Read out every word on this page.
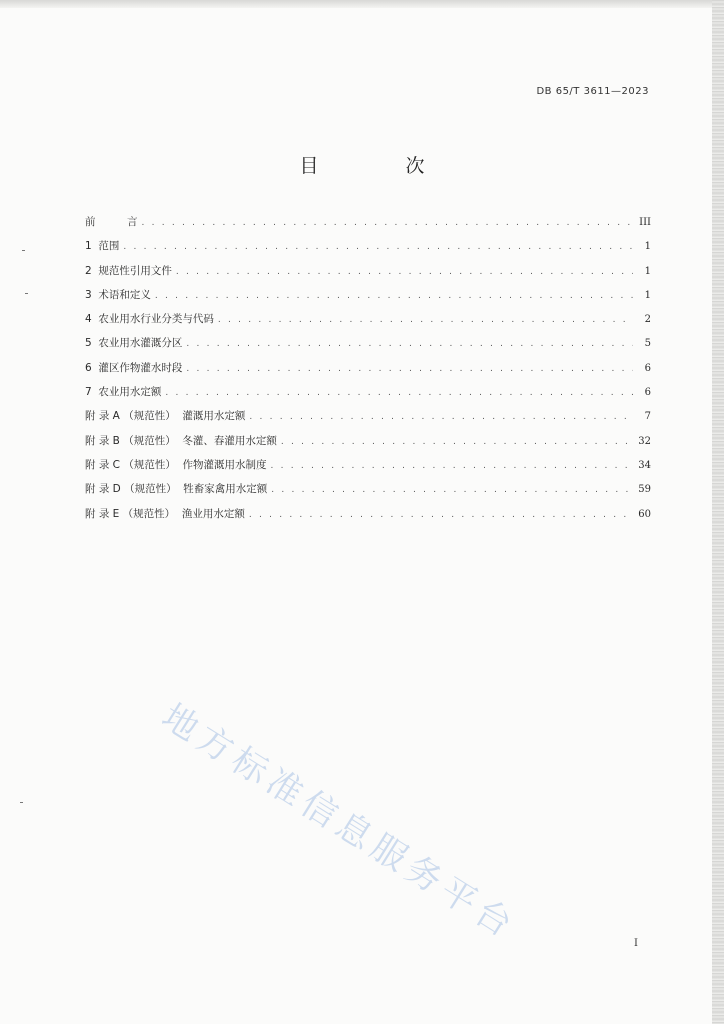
DB 65/T 3611—2023
目　次
前　　　言 . . .	III
1  范围 . . .	1
2  规范性引用文件 . . .	1
3  术语和定义 . . .	1
4  农业用水行业分类与代码 . . .	2
5  农业用水灌溉分区 . . .	5
6  灌区作物灌水时段 . . .	6
7  农业用水定额 . . .	6
附 录 A （规范性）  灌溉用水定额 . . .	7
附 录 B （规范性）  冬灌、春灌用水定额 . . .	32
附 录 C （规范性）  作物灌溉用水制度 . . .	34
附 录 D （规范性）  牲畜家禽用水定额 . . .	59
附 录 E （规范性）  渔业用水定额 . . .	60
地方标准信息服务平台	I
